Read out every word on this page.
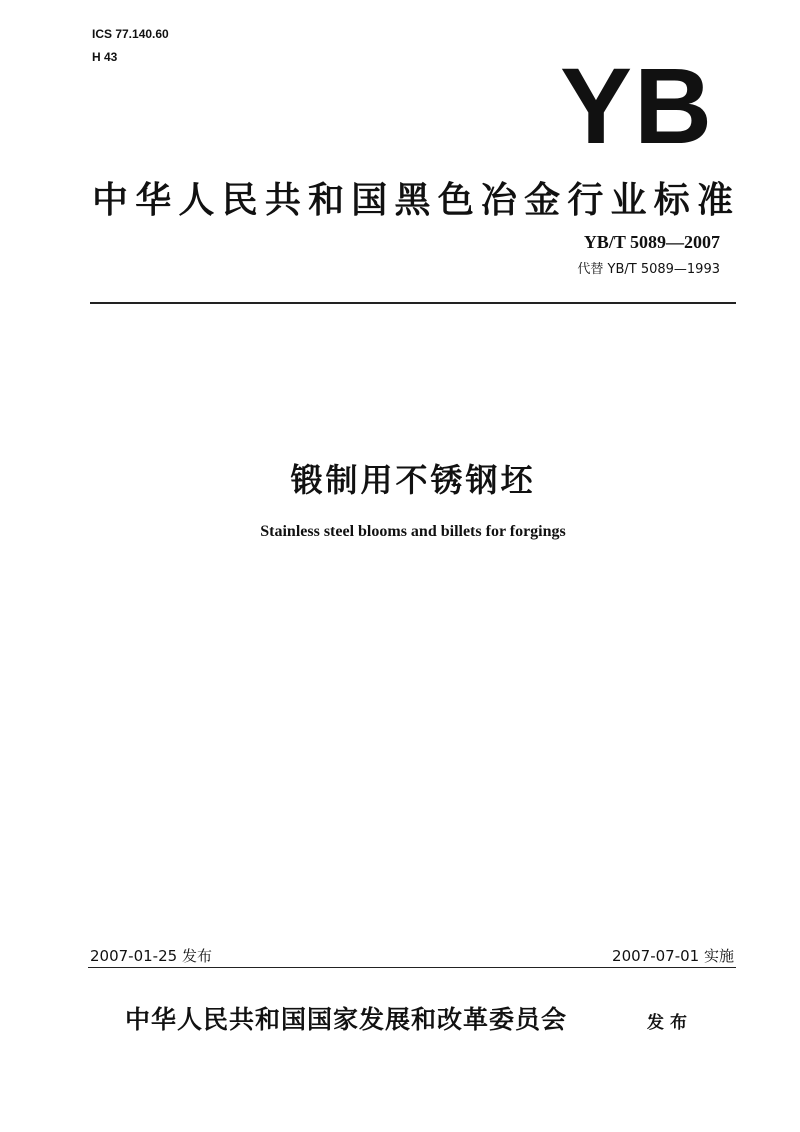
ICS 77.140.60
H 43	YB
中华人民共和国黑色冶金行业标准
YB/T 5089—2007
代替 YB/T 5089—1993
锻制用不锈钢坯
Stainless steel blooms and billets for forgings
2007-01-25 发布	2007-07-01 实施
中华人民共和国国家发展和改革委员会	发布
